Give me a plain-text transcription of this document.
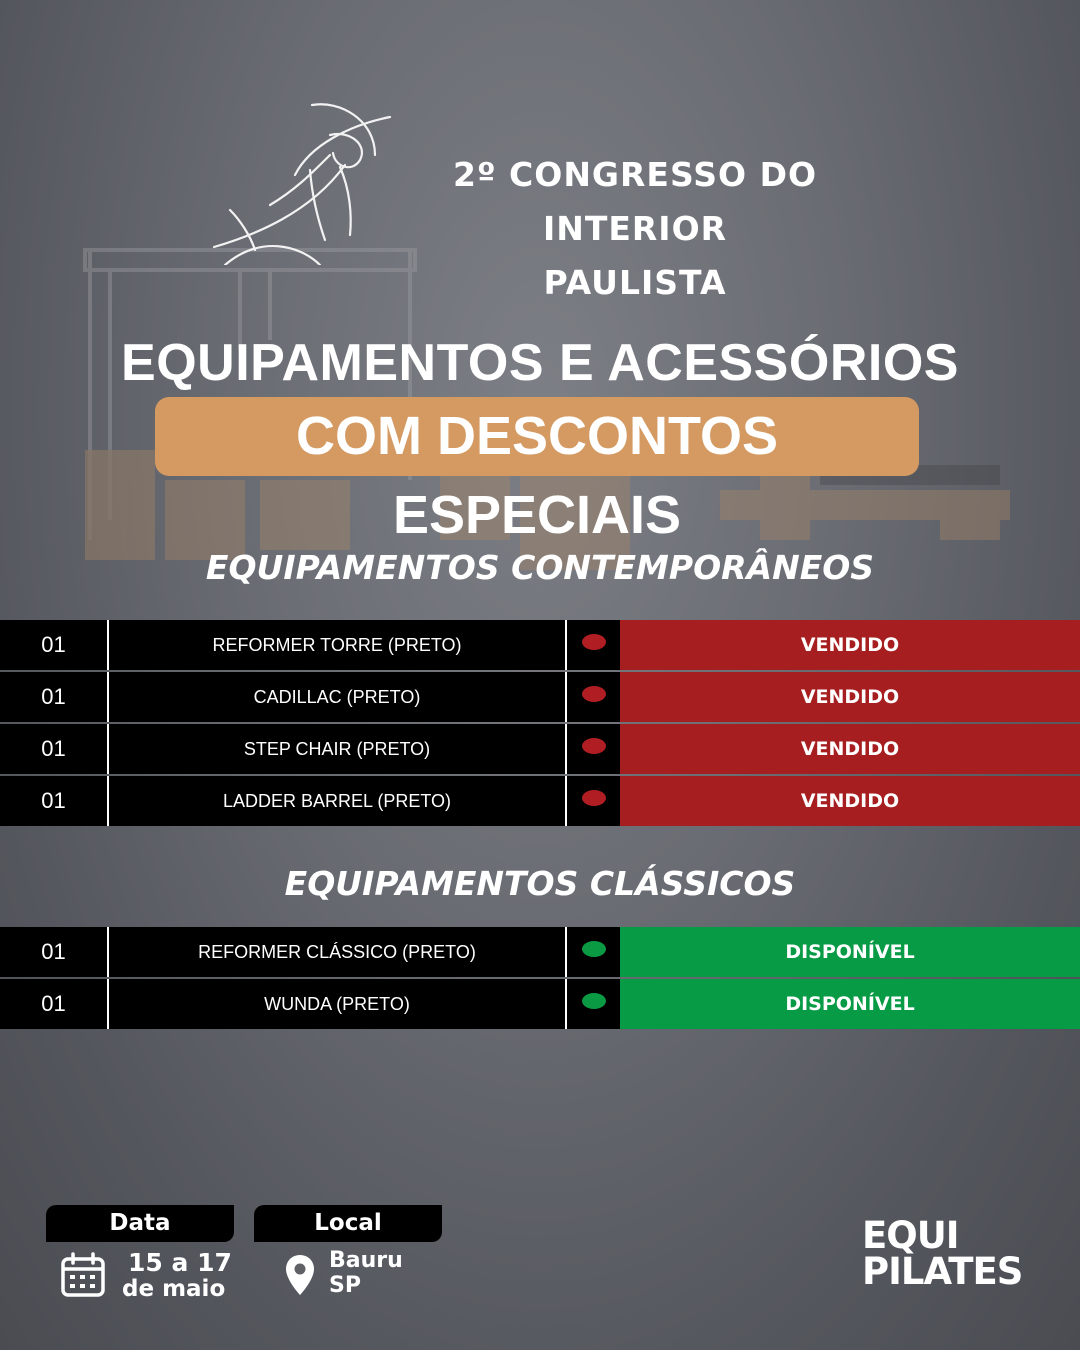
2º CONGRESSO DO INTERIOR
PAULISTA
EQUIPAMENTOS E ACESSÓRIOS
COM DESCONTOS ESPECIAIS
EQUIPAMENTOS CONTEMPORÂNEOS
01	REFORMER TORRE (PRETO)	VENDIDO
01	CADILLAC (PRETO)	VENDIDO
01	STEP CHAIR (PRETO)	VENDIDO
01	LADDER BARREL (PRETO)	VENDIDO
EQUIPAMENTOS CLÁSSICOS
01	REFORMER CLÁSSICO (PRETO)	DISPONÍVEL
01	WUNDA (PRETO)	DISPONÍVEL
Data
15 a 17
de maio
Local
Bauru
SP
EQUI
PILATES
